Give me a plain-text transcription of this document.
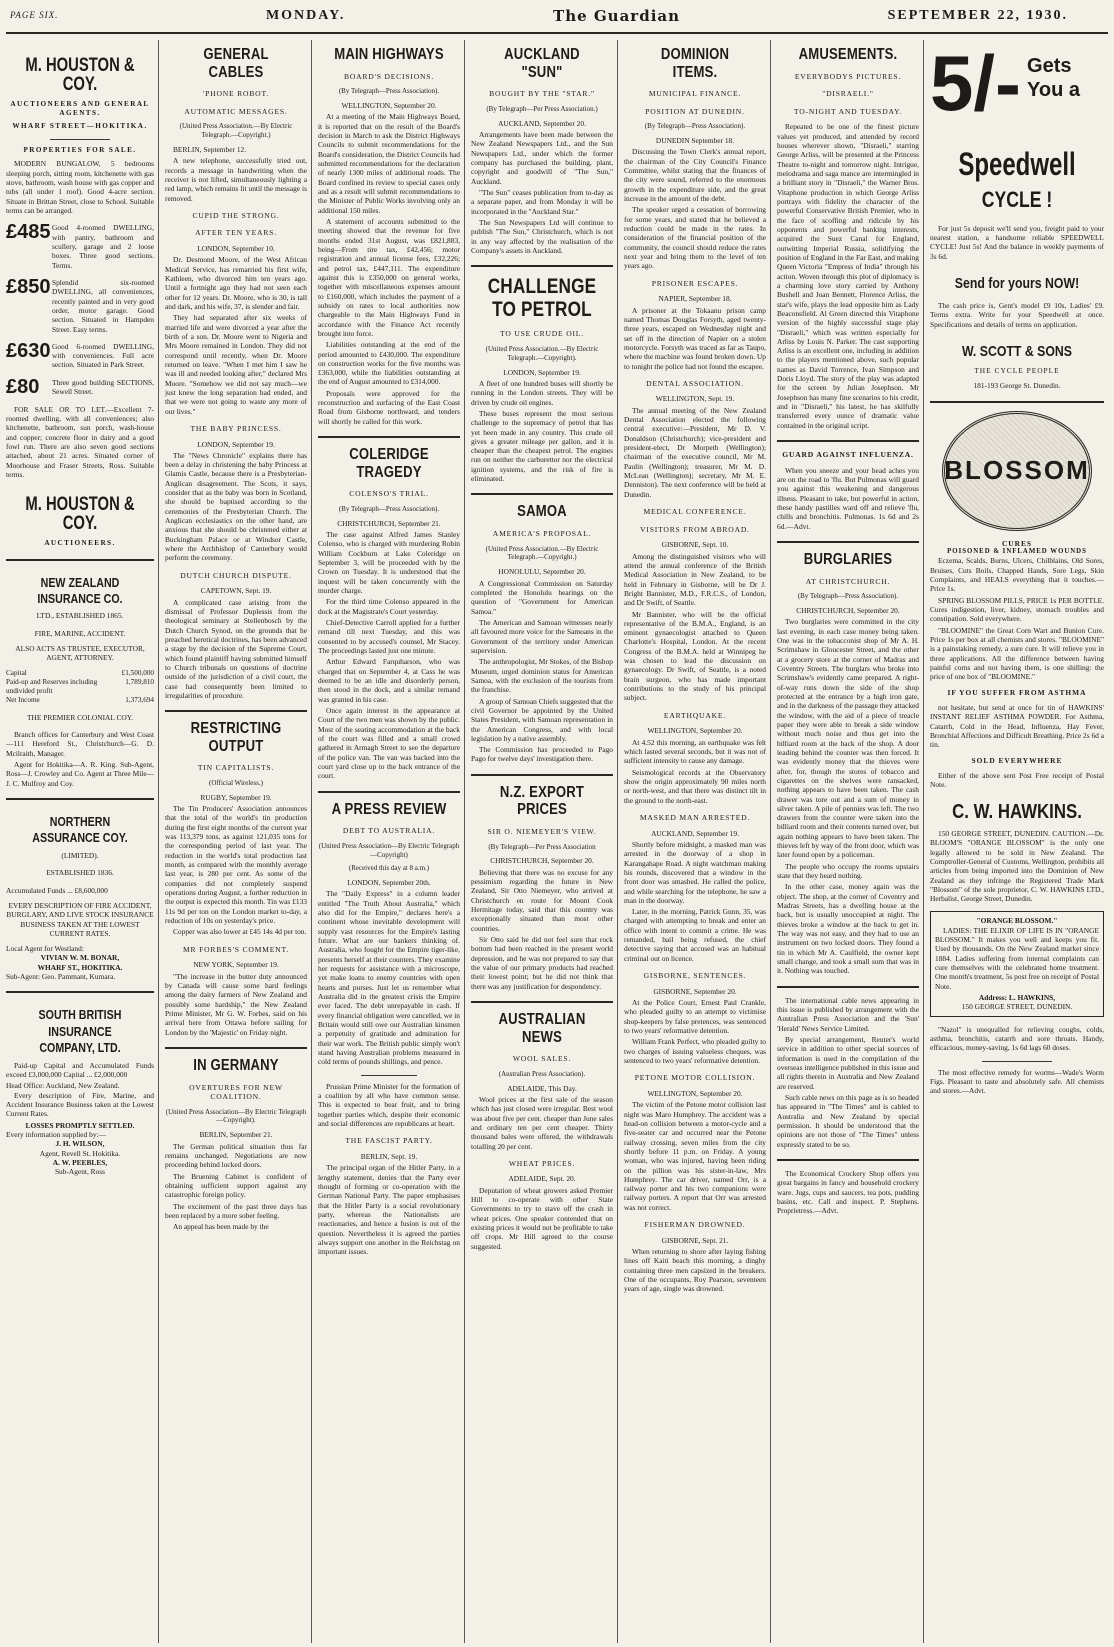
PAGE SIX.	MONDAY.	The Guardian	SEPTEMBER 22, 1930.
M. HOUSTON & COY.
AUCTIONEERS AND GENERAL AGENTS.
WHARF STREET—HOKITIKA.
PROPERTIES FOR SALE.

MODERN BUNGALOW, 5 bedrooms sleeping porch, sitting room, kitchenette with gas stove, bathroom, wash house with gas copper and tubs (all under 1 roof). Good 4-acre section. Situate in Brittan Street, close to School. Suitable terms can be arranged.

£485 Good 4-roomed DWELLING, with pantry, bathroom and scullery, garage and 2 loose boxes. Three good sections. Terms.

£850 Splendid six-roomed DWELLING, all conveniences, recently painted and in very good order, motor garage. Good section. Situated in Hampden Street. Easy terms.

£630 Good 6-roomed DWELLING, with conveniences. Full acre section. Situated in Park Street.

£80	Three good building SECTIONS, Sewell Street.

FOR SALE OR TO LET.—Excellent 7-roomed dwelling, with all conveniences; also kitchenette, bathroom, sun porch, wash-house and copper; concrete floor in dairy and a good fowl run. There are also seven good sections attached, about 21 acres. Situated corner of Moorhouse and Fraser Streets, Ross. Suitable terms.

M. HOUSTON & COY.
AUCTIONEERS.
NEW ZEALAND INSURANCE CO.
LTD., ESTABLISHED 1865.
FIRE, MARINE, ACCIDENT.
ALSO ACTS AS TRUSTEE, EXECUTOR, AGENT, ATTORNEY.
Capital	£1,500,000
Paid-up and Reserves including undivided profit
1,789,810
Net Income	1,373,694
THE PREMIER COLONIAL COY.

Branch offices for Canterbury and West Coast—111 Hereford St., Christchurch—G. D. Mcilraith, Manager.

Agent for Hokitika—A. R. King. Sub-Agent, Ross—J. Crowley and Co. Agent at Three Mile—J. C. Mulfroy and Coy.

NORTHERN ASSURANCE COY.
(LIMITED).
ESTABLISHED 1836.
Accumulated Funds ... £8,600,000
EVERY DESCRIPTION OF FIRE ACCIDENT, BURGLARY, AND LIVE STOCK INSURANCE BUSINESS TAKEN AT THE LOWEST CURRENT RATES.
Local Agent for Westland:
VIVIAN W. M. BONAR,
WHARF ST., HOKITIKA.
Sub-Agent: Geo. Pammant, Kumara.
SOUTH BRITISH INSURANCE COMPANY, LTD.

Paid-up Capital and Accumulated Funds exceed £3,000,000 Capital ... £2,000,000

Head Office: Auckland, New Zealand.

Every description of Fire, Marine, and Accident Insurance Business taken at the Lowest Current Rates.

LOSSES PROMPTLY SETTLED.
Every information supplied by:—
J. H. WILSON,
Agent, Revell St. Hokitika.
A. W. PEEBLES,
Sub-Agent, Ross
GENERAL CABLES
'PHONE ROBOT.
AUTOMATIC MESSAGES.
(United Press Association.—By Electric Telegraph.—Copyright.)

BERLIN, September 12.

A new telephone, successfully tried out, records a message in handwriting when the receiver is not lifted, simultaneously lighting a red lamp, which remains lit until the message is removed.

CUPID THE STRONG.
AFTER TEN YEARS.

LONDON, September 10.

Dr. Desmond Moore, of the West African Medical Service, has remarried his first wife, Kathleen, who divorced him ten years ago. Until a fortnight ago they had not seen each other for 12 years. Dr. Moore, who is 30, is tall and dark, and his wife, 37, is slender and fair.

They had separated after six weeks of married life and were divorced a year after the birth of a son. Dr. Moore went to Nigeria and Mrs Moore remained in London. They did not correspond until recently, when Dr. Moore returned on leave. "When I met him I saw he was ill and needed looking after," declared Mrs Moore. "Somehow we did not say much—we just knew the long separation had ended, and that we were not going to waste any more of our lives."

THE BABY PRINCESS.

LONDON, September 19.

The "News Chronicle" explains there has been a delay in christening the baby Princess at Glamis Castle, because there is a Presbyterian-Anglican disagreement. The Scots, it says, consider that as the baby was born in Scotland, she should be baptised according to the ceremonies of the Presbyterian Church. The Anglican ecclesiastics on the other hand, are anxious that she should be christened either at Buckingham Palace or at Windsor Castle, where the Archbishop of Canterbury would perform the ceremony.

DUTCH CHURCH DISPUTE.

CAPETOWN, Sept. 19.

A complicated case arising from the dismissal of Professor Duplessis from the theological seminary at Stellenbosch by the Dutch Church Synod, on the grounds that he preached heretical doctrines, has been advanced a stage by the decision of the Supreme Court, which found plaintiff having submitted himself to Church tribunals on questions of doctrine outside of the jurisdiction of a civil court, the case had consequently been limited to irregularities of procedure.

RESTRICTING OUTPUT
TIN CAPITALISTS.
(Official Wireless.)

RUGBY, September 19.

The Tin Producers' Association announces that the total of the world's tin production during the first eight months of the current year was 113,379 tons, as against 121,035 tons for the corresponding period of last year. The reduction in the world's total production last month, as compared with the monthly average last year, is 280 per cent. As some of the companies did not completely suspend operations during August, a further reduction in the output is expected this month. Tin was £133 11s 9d per ton on the London market to-day, a reduction of 10s on yesterday's price.

Copper was also lower at £45 14s 4d per ton.

MR FORBES'S COMMENT.

NEW YORK, September 19.

"The increase in the butter duty announced by Canada will cause some hard feelings among the dairy farmers of New Zealand and possibly some hardship," the New Zealand Prime Minister, Mr G. W. Forbes, said on his arrival here from Ottawa before sailing for London by the 'Majestic' on Friday night.

IN GERMANY
OVERTURES FOR NEW COALITION.
(United Press Association—By Electric Telegraph—Copyright).

BERLIN, September 21.

The German political situation thus far remains unchanged. Negotiations are now proceeding behind locked doors.

The Bruening Cabinet is confident of obtaining sufficient support against any catastrophic foreign policy.

The excitement of the past three days has been replaced by a more sober feeling.

An appeal has been made by the

MAIN HIGHWAYS
BOARD'S DECISIONS.
(By Telegraph—Press Association).

WELLINGTON, September 20.

At a meeting of the Main Highways Board, it is reported that on the result of the Board's decision in March to ask the District Highways Councils to submit recommendations for the Board's consideration, the District Councils had submitted recommendations for the declaration of nearly 1300 miles of additional roads. The Board confined its review to special cases only and as a result will submit recommendations to the Minister of Public Works involving only an additional 150 miles.

A statement of accounts submitted to the meeting showed that the revenue for five months ended 31st August, was £821,883, being—From tire tax, £42,456; motor registration and annual license fees, £32,226; and petrol tax, £447,111. The expenditure against this is £350,000 on general works, together with miscellaneous expenses amount to £160,000, which includes the payment of a subsidy on rates to local authorities now chargeable to the Main Highways Fund in accordance with the Finance Act recently brought into force.

Liabilities outstanding at the end of the period amounted to £430,000. The expenditure on construction works for the five months was £363,000, while the liabilities outstanding at the end of August amounted to £314,000.

Proposals were approved for the reconstruction and surfacing of the East Coast Road from Gisborne northward, and tenders will shortly be called for this work.

COLERIDGE TRAGEDY
COLENSO'S TRIAL.
(By Telegraph—Press Association).

CHRISTCHURCH, September 21.

The case against Alfred James Stanley Colenso, who is charged with murdering Robin William Cockburn at Lake Coleridge on September 3, will be proceeded with by the Crown on Tuesday. It is understood that the inquest will be taken concurrently with the murder charge.

For the third time Colenso appeared in the dock at the Magistrate's Court yesterday.

Chief-Detective Carroll applied for a further remand till next Tuesday, and this was consented to by accused's counsel, Mr Stacey. The proceedings lasted just one minute.

Arthur Edward Farquharson, who was charged that on September 4, at Cass he was deemed to be an idle and disorderly person, then stood in the dock, and a similar remand was granted in his case.

Once again interest in the appearance at Court of the two men was shown by the public. Most of the seating accommodation at the back of the court was filled and a small crowd gathered in Armagh Street to see the departure of the police van. The van was backed into the court yard close up to the back entrance of the court.

A PRESS REVIEW
DEBT TO AUSTRALIA.
(United Press Association—By Electric Telegraph—Copyright)
(Received this day at 8 a.m.)

LONDON, September 20th.

The "Daily Express" in a column leader entitled "The Truth About Australia," which also did for the Empire," declares here's a continent whose inevitable development will supply vast resources for the Empire's lasting future. What are our bankers thinking of. Australia, who fought for the Empire tiger-like, presents herself at their counters. They examine her requests for assistance with a microscope, yet make loans to enemy countries with open hearts and purses. Just let us remember what Australia did in the greatest crisis the Empire ever faced. The debt unrepayable in cash. If every financial obligation were cancelled, we in Britain would still owe our Australian kinsmen a perpetuity of gratitude and admiration for their war work. The British public simply won't stand having Australian problems measured in cold terms of pounds shillings, and pence.

Prussian Prime Minister for the formation of a coalition by all who have common sense. This is expected to bear fruit, and to bring together parties which, despite their economic and social differences are republicans at heart.

THE FASCIST PARTY.

BERLIN, Sept. 19.

The principal organ of the Hitler Party, in a lengthy statement, denies that the Party ever thought of forming or co-operation with the German National Party. The paper emphasises that the Hitler Party is a social revolutionary party, whereas the Nationalists are reactionaries, and hence a fusion is out of the question. Nevertheless it is agreed the parties always support one another in the Reichstag on important issues.

AUCKLAND "SUN"
BOUGHT BY THE "STAR."
(By Telegraph—Per Press Association.)

AUCKLAND, September 20.

Arrangements have been made between the New Zealand Newspapers Ltd., and the Sun Newspapers Ltd., under which the former company has purchased the building, plant, copyright and goodwill of "The Sun," Auckland.

"The Sun" ceases publication from to-day as a separate paper, and from Monday it will be incorporated in the "Auckland Star."

The Sun Newspapers Ltd will continue to publish "The Sun," Christchurch, which is not in any way affected by the realisation of the Company's assets in Auckland.

CHALLENGE TO PETROL
TO USE CRUDE OIL.
(United Press Association.—By Electric Telegraph.—Copyright).

LONDON, September 19.

A fleet of one hundred buses will shortly be running in the London streets. They will be driven by crude oil engines.

These buses represent the most serious challenge to the supremacy of petrol that has yet been made in any country. This crude oil gives a greater mileage per gallon, and it is cheaper than the cheapest petrol. The engines run on neither the carburettor nor the electrical ignition systems, and the risk of fire is eliminated.

SAMOA
AMERICA'S PROPOSAL.
(United Press Association.—By Electric Telegraph.—Copyright.)

HONOLULU, September 20.

A Congressional Commission on Saturday completed the Honolulu hearings on the question of "Government for American Samoa."

The American and Samoan witnesses nearly all favoured more voice for the Samoans in the Government of the territory under American supervision.

The anthropologist, Mr Stokes, of the Bishop Museum, urged dominion status for American Samoa, with the exclusion of the tourists from the franchise.

A group of Samoan Chiefs suggested that the civil Governor be appointed by the United States President, with Samoan representation in the American Congress, and with local legislation by a native assembly.

The Commission has proceeded to Pago Pago for twelve days' investigation there.

N.Z. EXPORT PRICES
SIR O. NIEMEYER'S VIEW.
(By Telegraph—Per Press Association

CHRISTCHURCH, September 20.

Believing that there was no excuse for any pessimism regarding the future in New Zealand, Sir Otto Niemeyer, who arrived at Christchurch en route for Mount Cook Hermitage today, said that this country was exceptionally situated than most other countries.

Sir Otto said he did not feel sure that rock bottom had been reached in the present world depression, and he was not prepared to say that the value of our primary products had reached their lowest point; but he did not think that there was any justification for despondency.

AUSTRALIAN NEWS
WOOL SALES.
(Australian Press Association).

ADELAIDE, This Day.

Wool prices at the first sale of the season which has just closed were irregular. Best wool was about five per cent. cheaper than June sales and ordinary ten per cent cheaper. Thirty thousand bales were offered, the withdrawals totalling 20 per cent.

WHEAT PRICES.

ADELAIDE, Sept. 20.

Deputation of wheat growers asked Premier Hill to co-operate with other State Governments to try to stave off the crash in wheat prices. One speaker contended that on existing prices it would not be profitable to take off crops. Mr Hill agreed to the course suggested.

DOMINION ITEMS.
MUNICIPAL FINANCE.
POSITION AT DUNEDIN.
(By Telegraph—Press Association).

DUNEDIN September 18.

Discussing the Town Clerk's annual report, the chairman of the City Council's Finance Committee, whilst stating that the finances of the city were sound, referred to the enormous growth in the expenditure side, and the great increase in the amount of the debt.

The speaker urged a cessation of borrowing for some years, and stated that he believed a reduction could be made in the rates. In consideration of the financial position of the community, the council should reduce the rates next year and bring them to the level of ten years ago.

PRISONER ESCAPES.

NAPIER, September 18.

A prisoner at the Tokaanu prison camp named Thomas Douglas Forsyth, aged twenty-three years, escaped on Wednesday night and set off in the direction of Napier on a stolen motorcycle. Forsyth was traced as far as Taupo, where the machine was found broken down. Up to tonight the police had not found the escapee.

DENTAL ASSOCIATION.

WELLINGTON, Sept. 19.

The annual meeting of the New Zealand Dental Association elected the following central executive:—President, Mr D. V. Donaldson (Christchurch); vice-president and president-elect, Dr Morpeth (Wellington); chairman of the executive council, Mr M. Paulin (Wellington); treasurer, Mr M. D. McLean (Wellington); secretary, Mr M. E. Denniston). The next conference will be held at Dunedin.

MEDICAL CONFERENCE.
VISITORS FROM ABROAD.

GISBORNE, Sept. 10.

Among the distinguished visitors who will attend the annual conference of the British Medical Association in New Zealand, to be held in February in Gisborne, will be Dr J. Bright Bannister, M.D., F.R.C.S., of London, and Dr Swift, of Seattle.

Mr Bannister, who will be the official representative of the B.M.A., England, is an eminent gynaecologist attached to Queen Charlotte's Hospital, London. At the recent Congress of the B.M.A. held at Winnipeg he was chosen to lead the discussion on gynaecology. Dr Swift, of Seattle, is a noted brain surgeon, who has made important contributions to the study of his principal subject.

EARTHQUAKE.

WELLINGTON, September 20.

At 4.52 this morning, an earthquake was felt which lasted several seconds, but it was not of sufficient intensity to cause any damage.

Seismological records at the Observatory show the origin approximately 90 miles north or north-west, and that there was distinct tilt in the ground to the north-east.

MASKED MAN ARRESTED.

AUCKLAND, September 19.

Shortly before midnight, a masked man was arrested in the doorway of a shop in Karangahape Road. A night watchman making his rounds, discovered that a window in the front door was smashed. He called the police, and while searching for the telephone, he saw a man in the doorway.

Later, in the morning, Patrick Gunn, 35, was charged with attempting to break and enter an office with intent to commit a crime. He was remanded, bail being refused, the chief detective saying that accused was an habitual criminal out on licence.

GISBORNE, SENTENCES.

GISBORNE, September 20.

At the Police Court, Ernest Paul Crankle, who pleaded guilty to an attempt to victimise shop-keepers by false pretences, was sentenced to two years' reformative detention.

William Frank Perfect, who pleaded guilty to two charges of issuing valueless cheques, was sentenced to two years' reformative detention.

PETONE MOTOR COLLISION.

WELLINGTON, September 20.

The victim of the Petone motor collision last night was Maro Humphrey. The accident was a head-on collision between a motor-cycle and a five-seater car and occurred near the Petone railway crossing, seven miles from the city shortly before 11 p.m. on Friday. A young woman, who was injured, having been riding on the pillion was his sister-in-law, Mrs Humphrey. The car driver, named Orr, is a railway porter and his two companions were railway porters. A report that Orr was arrested was not correct.

FISHERMAN DROWNED.

GISBORNE, Sept. 21.

When returning to shore after laying fishing lines off Kaiti beach this morning, a dinghy containing three men capsized in the breakers. One of the occupants, Roy Pearson, seventeen years of age, single was drowned.

AMUSEMENTS.
EVERYBODYS PICTURES.
"DISRAELI."
TO-NIGHT AND TUESDAY.

Repeated to be one of the finest picture values yet produced, and attended by record houses wherever shown, "Disraeli," starring George Arliss, will be presented at the Princess Theatre to-night and tomorrow night. Intrigue, melodrama and saga mance are intermingled in a brilliant story in "Disraeli," the Warner Bros. Vitaphone production in which George Arliss portrays with fidelity the character of the powerful Conservative British Premier, who in the face of scoffing and ridicule by his opponents and powerful banking interests, acquired the Suez Canal for England, outwitting Imperial Russia, solidifying the position of England in the Far East, and making Queen Victoria "Empress of India" through his action. Woven through this plot of diplomacy is a charming love story carried by Anthony Bushell and Joan Bennett, Florence Arliss, the star's wife, plays the lead opposite him as Lady Beaconsfield. Al Green directed this Vitaphone version of the highly successful stage play "Disraeli," which was written especially for Arliss by Louis N. Parker. The cast supporting Arliss is an excellent one, including in addition to the players mentioned above, such popular names as David Torrence, Ivan Simpson and Doris Lloyd. The story of the play was adapted for the screen by Julian Josephson. Mr Josephson has many fine scenarios to his credit, and in "Disraeli," his latest, he has skilfully transferred every ounce of dramatic value contained in the original script.

GUARD AGAINST INFLUENZA.

When you sneeze and your head aches you are on the road to 'flu. But Pulmonas will guard you against this weakening and dangerous illness. Pleasant to take, but powerful in action, these handy pastilles ward off and relieve 'flu, chills and bronchitis. Pulmonas. 1s 6d and 2s 6d.—Advt.

BURGLARIES
AT CHRISTCHURCH.
(By Telegraph—Press Association).

CHRISTCHURCH, September 20.

Two burglaries were committed in the city last evening, in each case money being taken. One was in the tobacconist shop of Mr A. H. Scrimshaw in Gloucester Street, and the other at a grocery store at the corner of Madras and Coventry Streets. The burglars who broke into Scrimshaw's evidently came prepared. A right-of-way runs down the side of the shop protected at the entrance by a high iron gate, and in the darkness of the passage they attacked the window, with the aid of a piece of treacle paper they were able to break a side window without much noise and thus get into the billiard room at the back of the shop. A door leading behind the counter was then forced. It was evidently money that the thieves were after, for, though the stores of tobacco and cigarettes on the shelves were ransacked, nothing appears to have been taken. The cash drawer was tore out and a sum of money in silver taken. A pile of pennies was left. The two drawers from the counter were taken into the billiard room and their contents turned over, but again nothing appears to have been taken. The thieves left by way of the front door, which was later found open by a policeman.

The people who occupy the rooms upstairs state that they heard nothing.

In the other case, money again was the object. The shop, at the corner of Coventry and Madras Streets, has a dwelling house at the back, but is usually unoccupied at night. The thieves broke a window at the back to get in. The way was not easy, and they had to use an instrument on two locked doors. They found a tin in which Mr A. Caulfield, the owner kept small change, and took a small sum that was in it. Nothing was touched.

The international cable news appearing in this issue is published by arrangement with the Australian Press Association and the 'Sun' 'Herald' News Service Limited.

By special arrangement, Reuter's world service in addition to other special sources of information is used in the compilation of the overseas intelligence published in this issue and all rights therein in Australia and New Zealand are reserved.

Such cable news on this page as is so headed has appeared in "The Times" and is cabled to Australia and New Zealand by special permission. It should be understood that the opinions are not those of "The Times" unless expressly stated to be so.

The Economical Crockery Shop offers you great bargains in fancy and household crockery ware. Jugs, cups and saucers, tea pots, pudding basins, etc. Call and inspect. P. Stephens. Proprietress.—Advt.

5/- Gets You a
Speedwell
CYCLE !

For just 5s deposit we'll send you, freight paid to your nearest station, a handsome reliable SPEEDWELL CYCLE! Just 5s! And the balance in weekly payments of 3s 6d.

Send for yours NOW!

The cash price is, Gent's model £9 10s, Ladies' £9. Terms extra. Write for your Speedwell at once. Specifications and details of terms on application.

W. SCOTT & SONS
THE CYCLE PEOPLE
181-193 George St. Dunedin.
BLOSSOM
CURES
POISONED & INFLAMED WOUNDS

Eczema, Scalds, Burns, Ulcers, Chilblains, Old Sores, Bruises, Cuts Boils, Chapped Hands, Sore Legs, Skin Complaints, and HEALS everything that it touches.—Price 1s.

SPRING BLOSSOM PILLS, PRICE 1s PER BOTTLE. Cures indigestion, liver, kidney, stomach troubles and constipation. Sold everywhere.

"BLOOMINE" the Great Corn Wart and Bunion Cure. Price 1s per box at all chemists and stores. "BLOOMINE" is a painstaking remedy, a sure cure. It will relieve you in three applications. All the difference between having painful corns and not having them, is one shilling: the price of one box of "BLOOMINE."

IF YOU SUFFER FROM ASTHMA

not hesitate, but send at once for tin of HAWKINS' INSTANT RELIEF ASTHMA POWDER. For Asthma, Catarrh, Cold in the Head, Influenza, Hay Fever, Bronchial Affections and Difficult Breathing. Price 2s 6d a tin.

SOLD EVERYWHERE

Either of the above sent Post Free receipt of Postal Note.

C. W. HAWKINS.

150 GEORGE STREET, DUNEDIN. CAUTION.—Dr. BLOOM'S "ORANGE BLOSSOM" is the only one legally allowed to be sold in New Zealand. The Comptroller-General of Customs, Wellington, prohibits all articles from being imported into the Dominion of New Zealand as they infringe the Registered Trade Mark "Blossom" of the sole proprietor, C. W. HAWKINS LTD., Herbalist, George Street, Dunedin.

"ORANGE BLOSSOM."

LADIES: THE ELIXIR OF LIFE IS IN "ORANGE BLOSSOM." It makes you well and keeps you fit. Used by thousands. On the New Zealand market since 1884. Ladies suffering from internal complaints can cure themselves with the celebrated home treatment. One month's treatment, 5s post free on receipt of Postal Note.

Address: L. HAWKINS,
150 GEORGE STREET, DUNEDIN.

"Nazol" is unequalled for relieving coughs, colds, asthma, bronchitis, catarrh and sore throats. Handy, efficacious, money-saving, 1s 6d lags 60 doses.

The most effective remedy for worms—Wade's Worm Figs. Pleasant to taste and absolutely safe. All chemists and stores.—Advt.
